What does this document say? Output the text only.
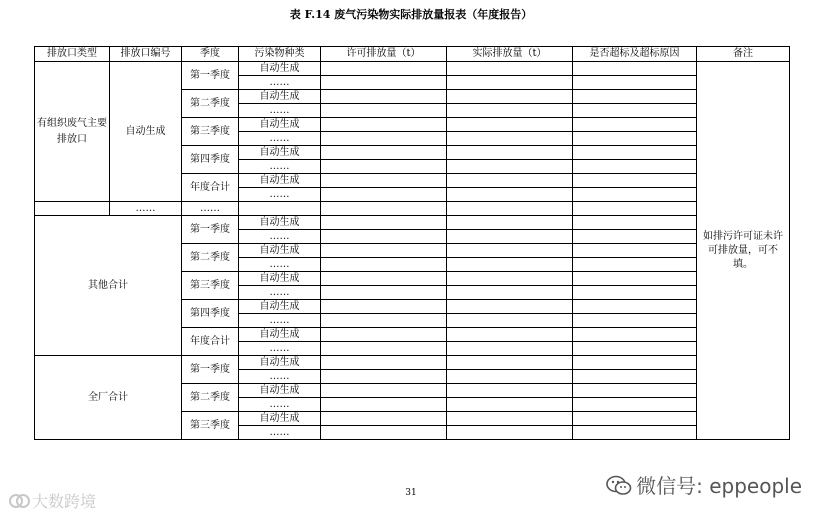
表 F.14 废气污染物实际排放量报表（年度报告）
排放口类型	排放口编号	季度	污染物种类	许可排放量（t）	实际排放量（t）	是否超标及超标原因	备注
有组织废气主要排放口	自动生成	第一季度	自动生成				如排污许可证未许可排放量，可不填。
			……				
		第二季度	自动生成				
			……				
		第三季度	自动生成				
			……				
		第四季度	自动生成				
			……				
		年度合计	自动生成				
			……				
	……	……					
其他合计		第一季度	自动生成				
			……				
		第二季度	自动生成				
			……				
		第三季度	自动生成				
			……				
		第四季度	自动生成				
			……				
		年度合计	自动生成				
			……				
全厂合计		第一季度	自动生成				
			……				
		第二季度	自动生成				
			……				
		第三季度	自动生成				
			……				
31
大数跨境
微信号: eppeople
